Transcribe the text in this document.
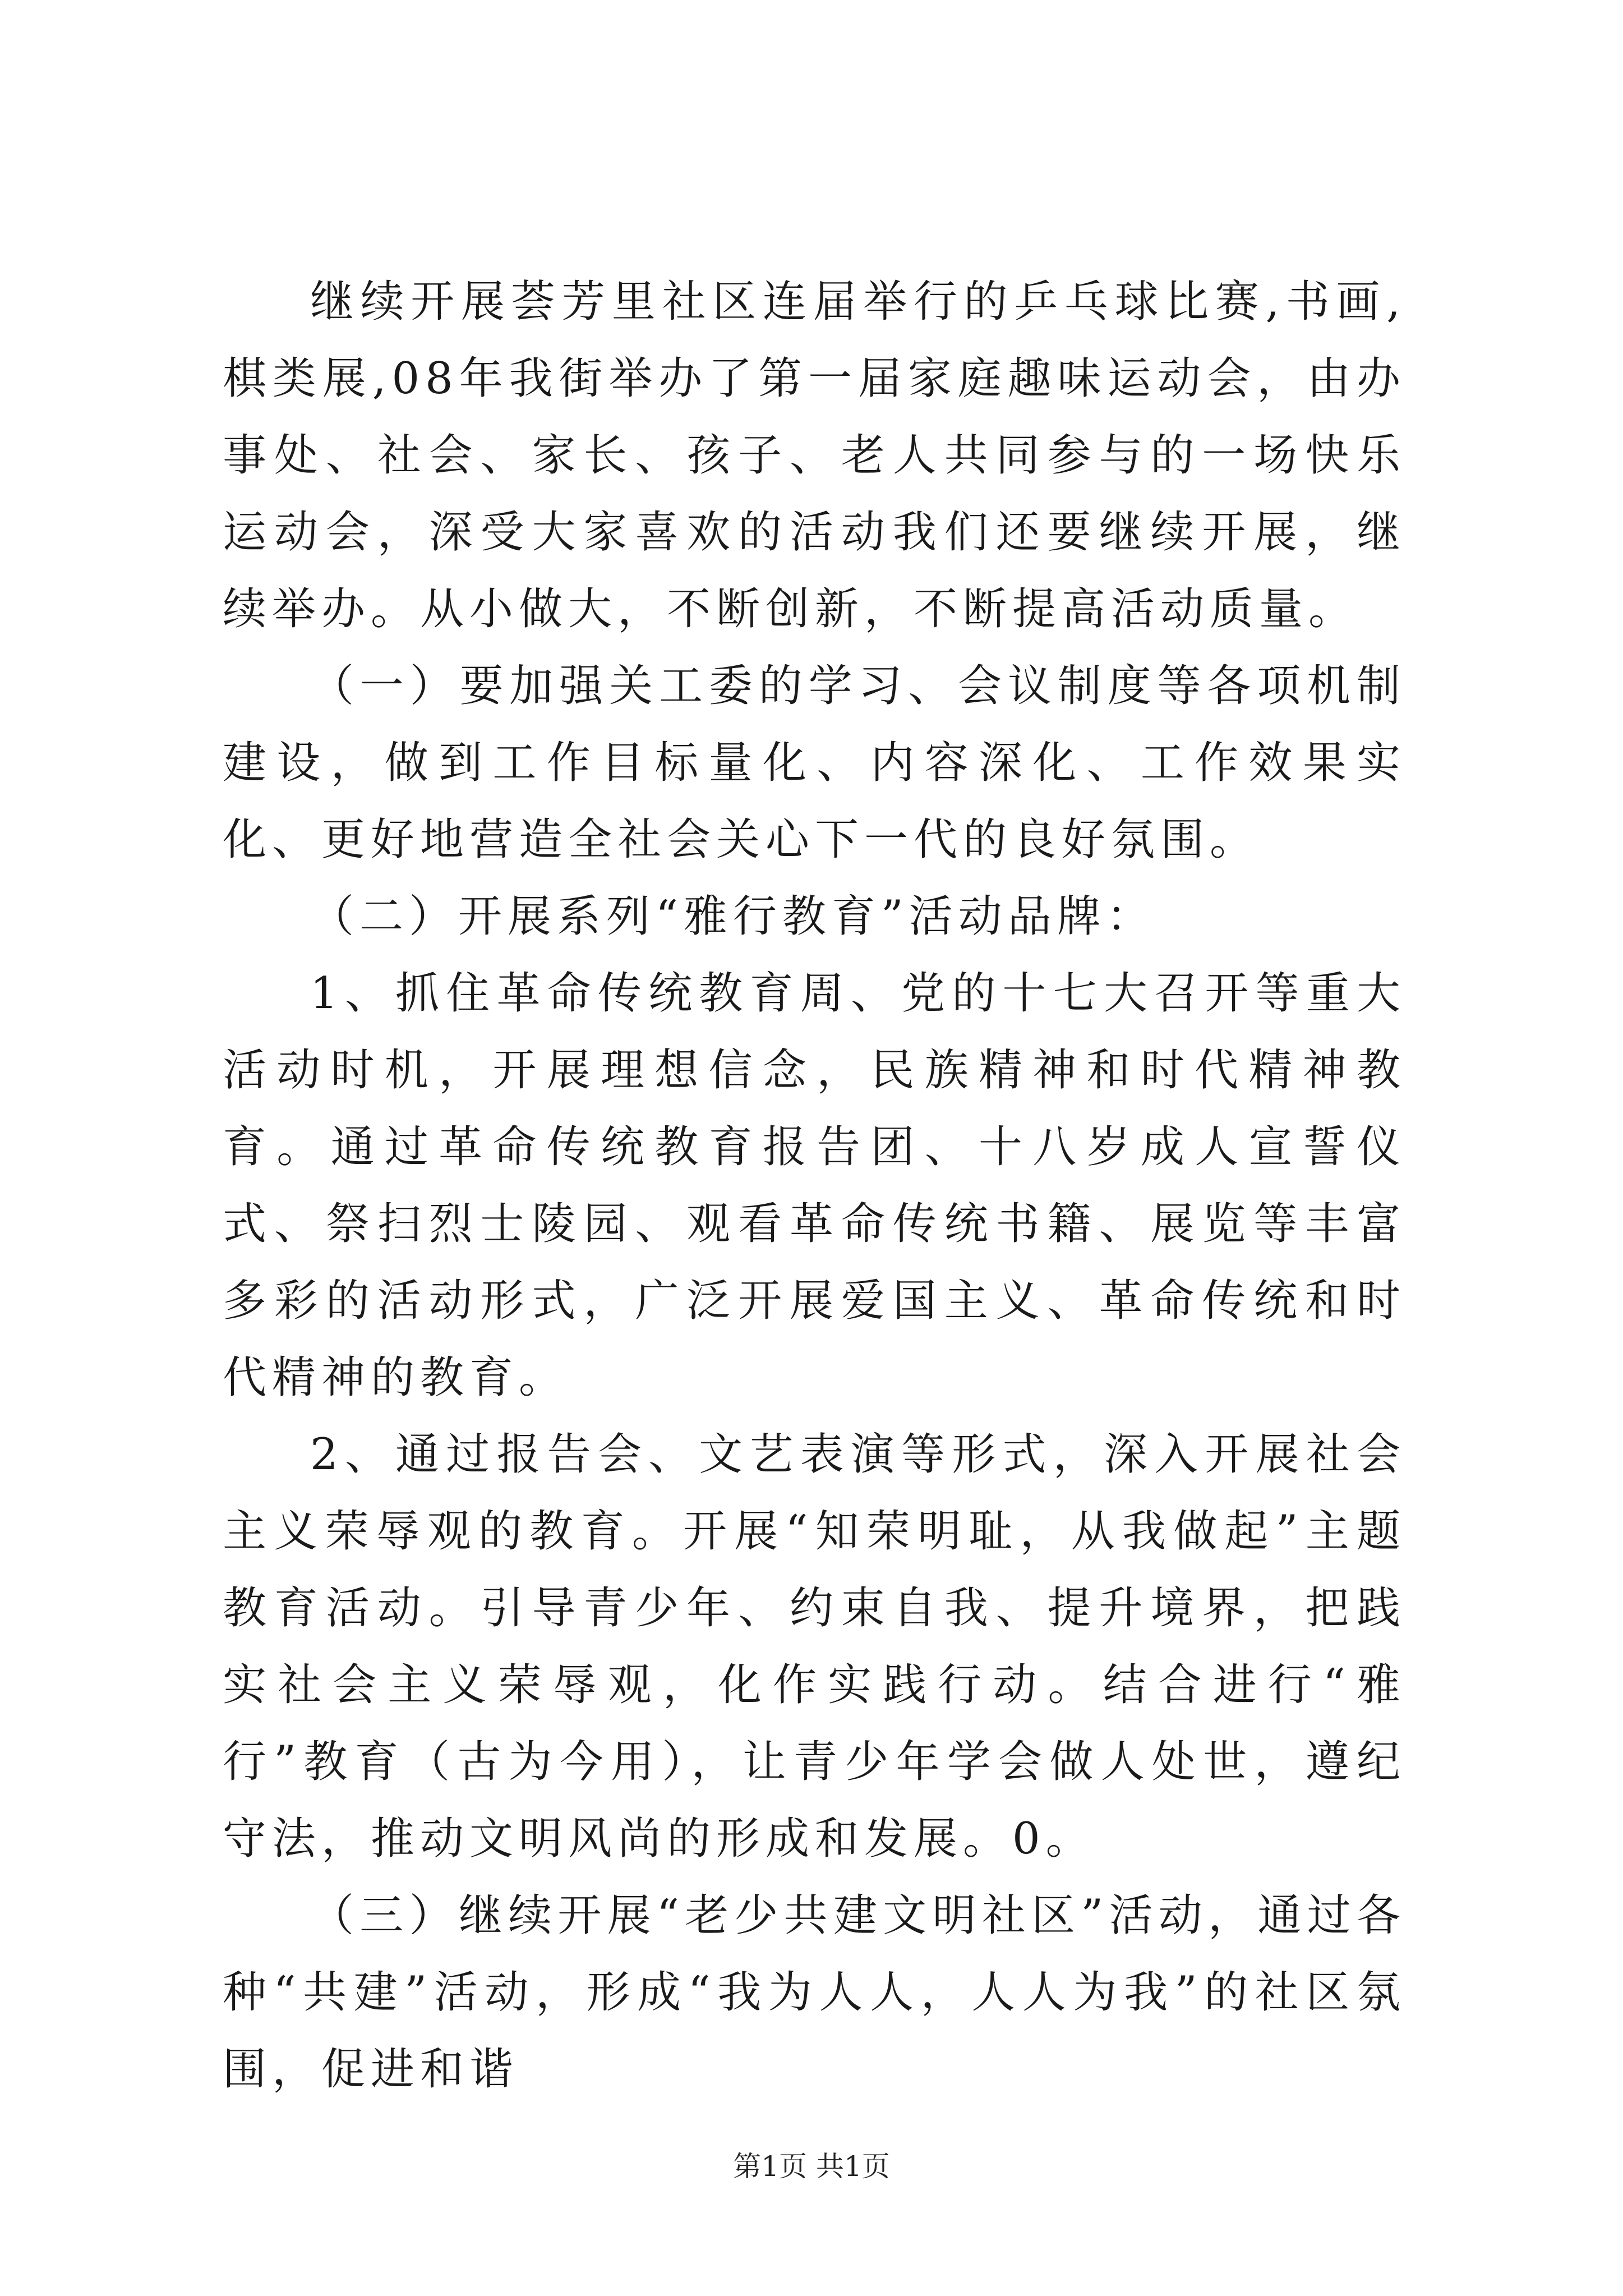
继续开展荟芳里社区连届举行的乒乓球比赛,书画,棋类展,08年我街举办了第一届家庭趣味运动会，由办事处、社会、家长、孩子、老人共同参与的一场快乐运动会，深受大家喜欢的活动我们还要继续开展，继续举办。从小做大，不断创新，不断提高活动质量。

（一）要加强关工委的学习、会议制度等各项机制建设，做到工作目标量化、内容深化、工作效果实化、更好地营造全社会关心下一代的良好氛围。

（二）开展系列“雅行教育”活动品牌：

1、抓住革命传统教育周、党的十七大召开等重大活动时机，开展理想信念，民族精神和时代精神教育。通过革命传统教育报告团、十八岁成人宣誓仪式、祭扫烈士陵园、观看革命传统书籍、展览等丰富多彩的活动形式，广泛开展爱国主义、革命传统和时代精神的教育。

2、通过报告会、文艺表演等形式，深入开展社会主义荣辱观的教育。开展“知荣明耻，从我做起”主题教育活动。引导青少年、约束自我、提升境界，把践实社会主义荣辱观，化作实践行动。结合进行“雅行”教育（古为今用），让青少年学会做人处世，遵纪守法，推动文明风尚的形成和发展。0。

（三）继续开展“老少共建文明社区”活动，通过各种“共建”活动，形成“我为人人，人人为我”的社区氛围，促进和谐

第1页 共1页
